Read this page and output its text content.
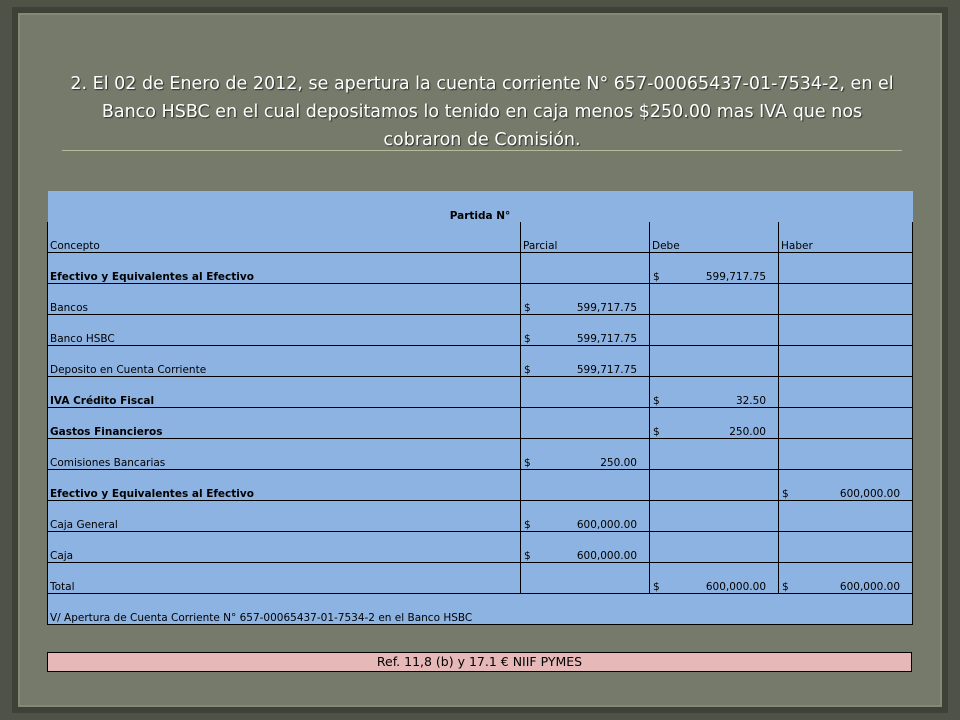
2. El 02 de Enero de 2012, se apertura la cuenta corriente N° 657-00065437-01-7534-2, en el Banco HSBC en el cual depositamos lo tenido en caja menos $250.00 mas IVA que nos cobraron de Comisión.
Partida N°			
Concepto	Parcial	Debe	Haber
Efectivo y Equivalentes al Efectivo		$ 599,717.75	

Bancos	$ 599,717.75		

Banco HSBC	$ 599,717.75		

Deposito en Cuenta Corriente	$ 599,717.75		

IVA Crédito Fiscal		$ 32.50	

Gastos Financieros		$ 250.00	

Comisiones Bancarias	$ 250.00		

Efectivo y Equivalentes al Efectivo			$ 600,000.00

Caja General	$ 600,000.00		

Caja	$ 600,000.00		

Total		$ 600,000.00	$ 600,000.00

V/ Apertura de Cuenta Corriente N° 657-00065437-01-7534-2 en el Banco HSBC			
Ref. 11,8 (b) y 17.1 € NIIF PYMES
